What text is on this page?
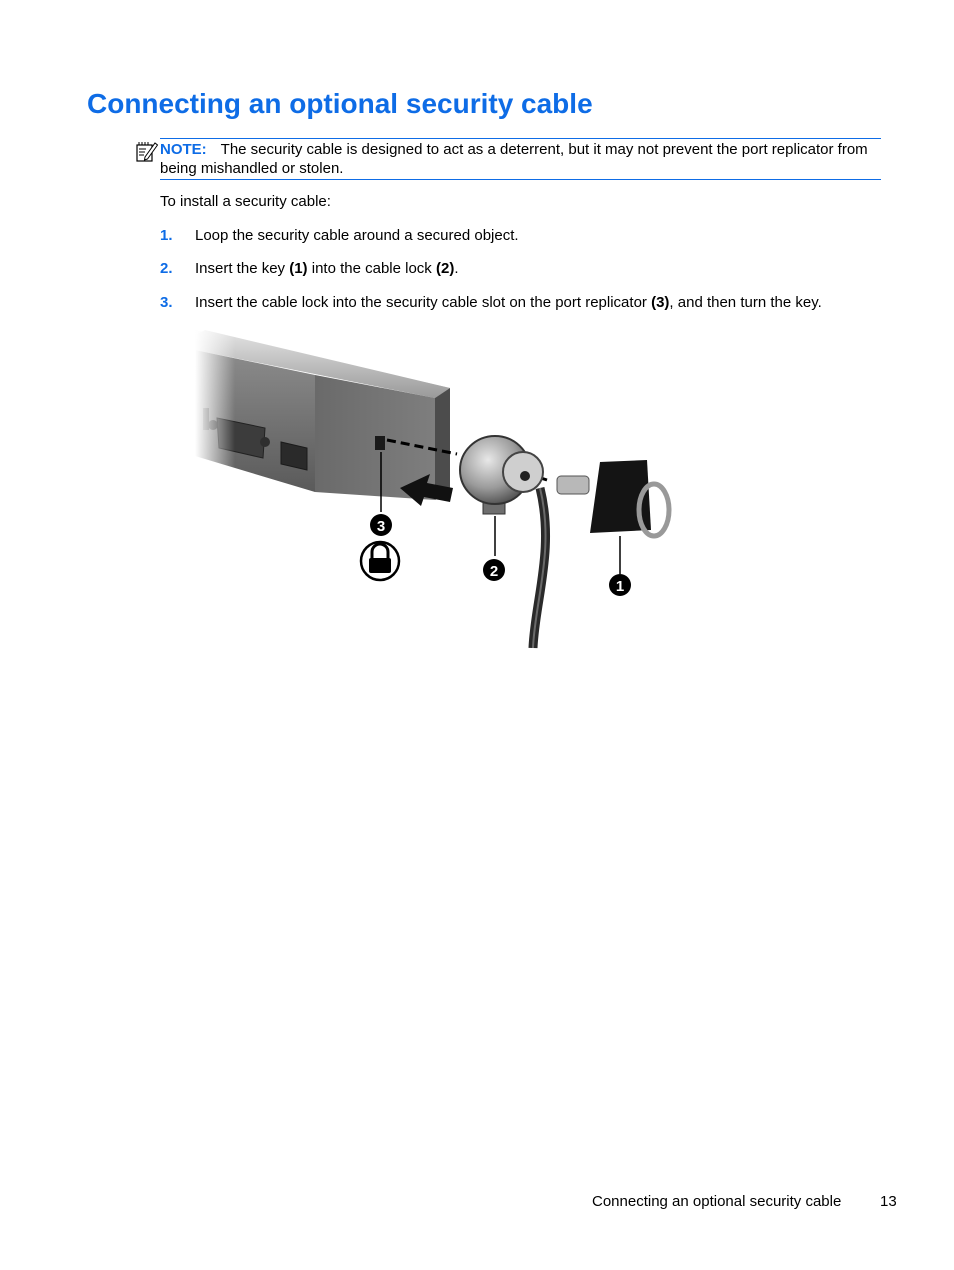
Connecting an optional security cable
NOTE: The security cable is designed to act as a deterrent, but it may not prevent the port replicator from being mishandled or stolen.
To install a security cable:
1. Loop the security cable around a secured object.
2. Insert the key (1) into the cable lock (2).
3. Insert the cable lock into the security cable slot on the port replicator (3), and then turn the key.
3
2
1
Connecting an optional security cable	13
